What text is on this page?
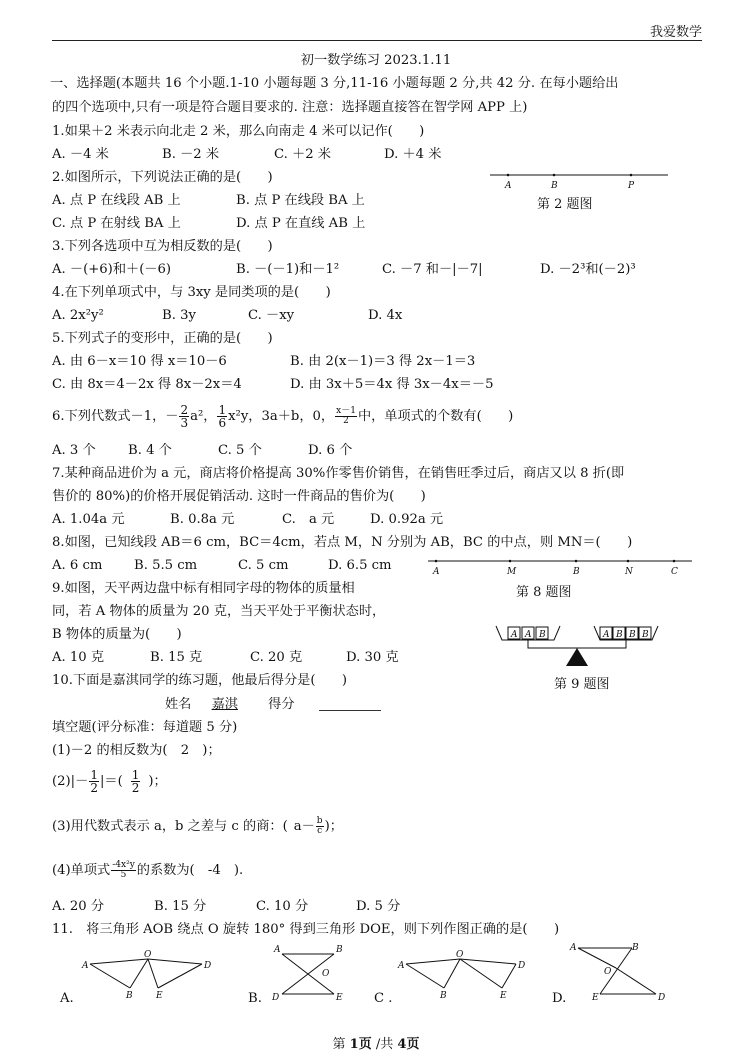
我爱数学
初一数学练习 2023.1.11
一、选择题(本题共 16 个小题.1-10 小题每题 3 分,11-16 小题每题 2 分,共 42 分. 在每小题给出
的四个选项中,只有一项是符合题目要求的. 注意：选择题直接答在智学网 APP 上)
1.如果＋2 米表示向北走 2 米，那么向南走 4 米可以记作(　　)
A. －4 米	B. －2 米	C. ＋2 米	D. ＋4 米
2.如图所示，下列说法正确的是(　　)
A	B	P
第 2 题图
A. 点 P 在线段 AB 上	B. 点 P 在线段 BA 上
C. 点 P 在射线 BA 上	D. 点 P 在直线 AB 上
3.下列各选项中互为相反数的是(　　)
A. －(+6)和＋(－6)	B. －(－1)和－1²	C. －7 和－|－7|	D. －2³和(－2)³
4.在下列单项式中，与 3xy 是同类项的是(　　)
A. 2x²y²	B. 3y	C. －xy	D. 4x
5.下列式子的变形中，正确的是(　　)
A. 由 6－x＝10 得 x＝10－6	B. 由 2(x－1)＝3 得 2x－1＝3
C. 由 8x＝4－2x 得 8x－2x＝4	D. 由 3x＋5＝4x 得 3x－4x＝－5
6.下列代数式－1，－ $\frac{2}{3} a^2$， $\frac{1}{6} x^2y$，3a＋b，0， $\frac{x-1}{2}$ 中，单项式的个数有(　　)
A. 3 个 B. 4 个	C. 5 个	D. 6 个
7.某种商品进价为 a 元，商店将价格提高 30%作零售价销售，在销售旺季过后，商店又以 8 折(即
售价的 80%)的价格开展促销活动. 这时一件商品的售价为(　　)
A. 1.04a 元	B. 0.8a 元	C.　a 元	D. 0.92a 元
8.如图，已知线段 AB＝6 cm，BC＝4cm，若点 M，N 分别为 AB，BC 的中点，则 MN＝(　　)
A. 6 cm B. 5.5 cm	C. 5 cm	D. 6.5 cm	A	M	B	N	C
第 8 题图
9.如图，天平两边盘中标有相同字母的物体的质量相
同，若 A 物体的质量为 20 克，当天平处于平衡状态时，
B 物体的质量为(　　)
A. 10 克	B. 15 克	C. 20 克	D. 30 克
A A B	A B B B
第 9 题图
10.下面是嘉淇同学的练习题，他最后得分是(　　)
姓名 嘉淇 得分
填空题(评分标准：每道题 5 分)
(1)－2 的相反数为(　2　)；
$(2)|- \frac{1}{2}$ |＝( $\frac{1}{2}$ )；
(3)用代数式表示 a，b 之差与 c 的商：( $a- \frac{b}{c}$ )；
(4)单项式 $\frac{\text{-4x²y}}{5}$ 的系数为(　-4　).
A. 20 分	B. 15 分	C. 10 分	D. 5 分
11.　将三角形 AOB 绕点 O 旋转 180° 得到三角形 DOE，则下列作图正确的是(　　)
A.
A
O
D
B	E	B.
A	B
O
D	E C .
A
O
D
B	E	D.
A	B
O
E	D
第 1页 /共 4页
